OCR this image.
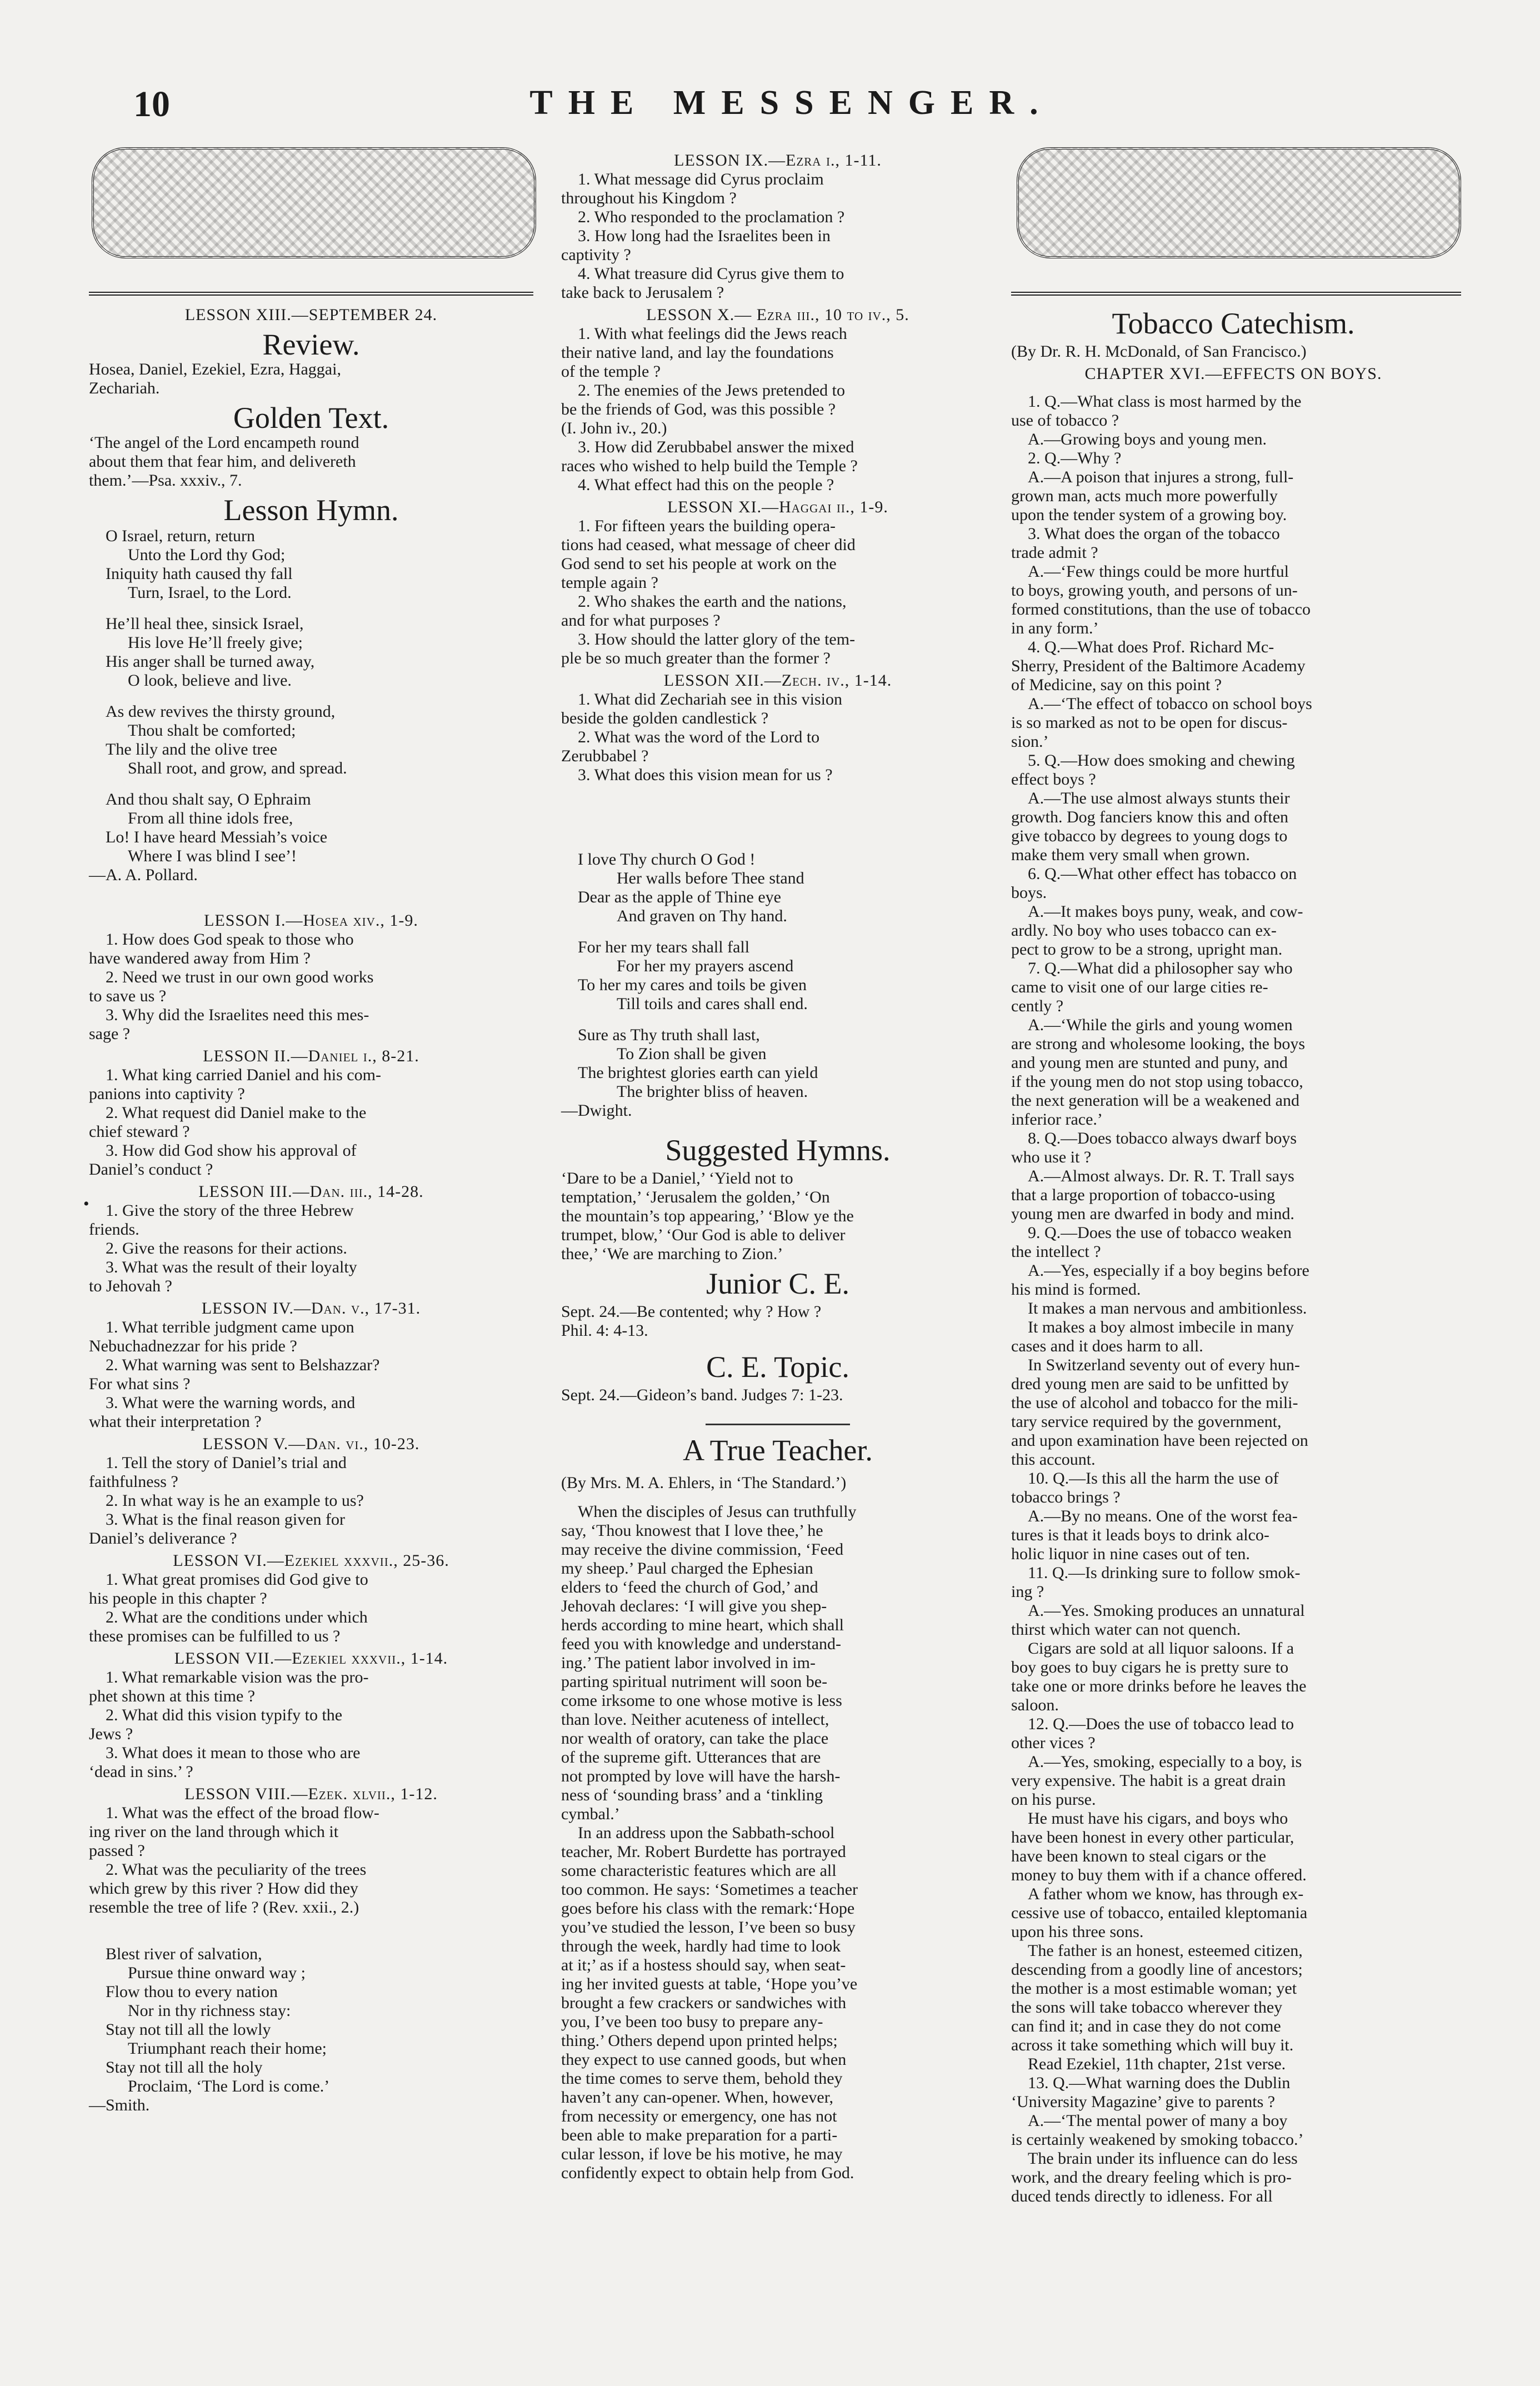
10	THE MESSENGER.

LESSON XIII.—SEPTEMBER 24.

Review.

Hosea, Daniel, Ezekiel, Ezra, Haggai,

Zechariah.

Golden Text.

‘The angel of the Lord encampeth round

about them that fear him, and delivereth

them.’—Psa. xxxiv., 7.

Lesson Hymn.

O Israel, return, return

Unto the Lord thy God;

Iniquity hath caused thy fall

Turn, Israel, to the Lord.

He’ll heal thee, sinsick Israel,

His love He’ll freely give;

His anger shall be turned away,

O look, believe and live.

As dew revives the thirsty ground,

Thou shalt be comforted;

The lily and the olive tree

Shall root, and grow, and spread.

And thou shalt say, O Ephraim

From all thine idols free,

Lo! I have heard Messiah’s voice

Where I was blind I see’!

—A. A. Pollard.

LESSON I.—Hosea xiv., 1-9.

1. How does God speak to those who

have wandered away from Him ?

2. Need we trust in our own good works

to save us ?

3. Why did the Israelites need this mes-

sage ?

LESSON II.—Daniel i., 8-21.

1. What king carried Daniel and his com-

panions into captivity ?

2. What request did Daniel make to the

chief steward ?

3. How did God show his approval of

Daniel’s conduct ?

LESSON III.—Dan. iii., 14-28.

1. Give the story of the three Hebrew

friends.

2. Give the reasons for their actions.

3. What was the result of their loyalty

to Jehovah ?

LESSON IV.—Dan. v., 17-31.

1. What terrible judgment came upon

Nebuchadnezzar for his pride ?

2. What warning was sent to Belshazzar?

For what sins ?

3. What were the warning words, and

what their interpretation ?

LESSON V.—Dan. vi., 10-23.

1. Tell the story of Daniel’s trial and

faithfulness ?

2. In what way is he an example to us?

3. What is the final reason given for

Daniel’s deliverance ?

LESSON VI.—Ezekiel xxxvii., 25-36.

1. What great promises did God give to

his people in this chapter ?

2. What are the conditions under which

these promises can be fulfilled to us ?

LESSON VII.—Ezekiel xxxvii., 1-14.

1. What remarkable vision was the pro-

phet shown at this time ?

2. What did this vision typify to the

Jews ?

3. What does it mean to those who are

‘dead in sins.’ ?

LESSON VIII.—Ezek. xlvii., 1-12.

1. What was the effect of the broad flow-

ing river on the land through which it

passed ?

2. What was the peculiarity of the trees

which grew by this river ? How did they

resemble the tree of life ? (Rev. xxii., 2.)

Blest river of salvation,

Pursue thine onward way ;

Flow thou to every nation

Nor in thy richness stay:

Stay not till all the lowly

Triumphant reach their home;

Stay not till all the holy

Proclaim, ‘The Lord is come.’

—Smith.

•

LESSON IX.—Ezra i., 1-11.

1. What message did Cyrus proclaim

throughout his Kingdom ?

2. Who responded to the proclamation ?

3. How long had the Israelites been in

captivity ?

4. What treasure did Cyrus give them to

take back to Jerusalem ?

LESSON X.— Ezra iii., 10 to iv., 5.

1. With what feelings did the Jews reach

their native land, and lay the foundations

of the temple ?

2. The enemies of the Jews pretended to

be the friends of God, was this possible ?

(I. John iv., 20.)

3. How did Zerubbabel answer the mixed

races who wished to help build the Temple ?

4. What effect had this on the people ?

LESSON XI.—Haggai ii., 1-9.

1. For fifteen years the building opera-

tions had ceased, what message of cheer did

God send to set his people at work on the

temple again ?

2. Who shakes the earth and the nations,

and for what purposes ?

3. How should the latter glory of the tem-

ple be so much greater than the former ?

LESSON XII.—Zech. iv., 1-14.

1. What did Zechariah see in this vision

beside the golden candlestick ?

2. What was the word of the Lord to

Zerubbabel ?

3. What does this vision mean for us ?

I love Thy church O God !

Her walls before Thee stand

Dear as the apple of Thine eye

And graven on Thy hand.

For her my tears shall fall

For her my prayers ascend

To her my cares and toils be given

Till toils and cares shall end.

Sure as Thy truth shall last,

To Zion shall be given

The brightest glories earth can yield

The brighter bliss of heaven.

—Dwight.

Suggested Hymns.

‘Dare to be a Daniel,’ ‘Yield not to

temptation,’ ‘Jerusalem the golden,’ ‘On

the mountain’s top appearing,’ ‘Blow ye the

trumpet, blow,’ ‘Our God is able to deliver

thee,’ ‘We are marching to Zion.’

Junior C. E.

Sept. 24.—Be contented; why ? How ?

Phil. 4: 4-13.

C. E. Topic.

Sept. 24.—Gideon’s band. Judges 7: 1-23.

A True Teacher.

(By Mrs. M. A. Ehlers, in ‘The Standard.’)

When the disciples of Jesus can truthfully

say, ‘Thou knowest that I love thee,’ he

may receive the divine commission, ‘Feed

my sheep.’ Paul charged the Ephesian

elders to ‘feed the church of God,’ and

Jehovah declares: ‘I will give you shep-

herds according to mine heart, which shall

feed you with knowledge and understand-

ing.’ The patient labor involved in im-

parting spiritual nutriment will soon be-

come irksome to one whose motive is less

than love. Neither acuteness of intellect,

nor wealth of oratory, can take the place

of the supreme gift. Utterances that are

not prompted by love will have the harsh-

ness of ‘sounding brass’ and a ‘tinkling

cymbal.’

In an address upon the Sabbath-school

teacher, Mr. Robert Burdette has portrayed

some characteristic features which are all

too common. He says: ‘Sometimes a teacher

goes before his class with the remark:‘Hope

you’ve studied the lesson, I’ve been so busy

through the week, hardly had time to look

at it;’ as if a hostess should say, when seat-

ing her invited guests at table, ‘Hope you’ve

brought a few crackers or sandwiches with

you, I’ve been too busy to prepare any-

thing.’ Others depend upon printed helps;

they expect to use canned goods, but when

the time comes to serve them, behold they

haven’t any can-opener. When, however,

from necessity or emergency, one has not

been able to make preparation for a parti-

cular lesson, if love be his motive, he may

confidently expect to obtain help from God.

Tobacco Catechism.

(By Dr. R. H. McDonald, of San Francisco.)

CHAPTER XVI.—EFFECTS ON BOYS.

1. Q.—What class is most harmed by the

use of tobacco ?

A.—Growing boys and young men.

2. Q.—Why ?

A.—A poison that injures a strong, full-

grown man, acts much more powerfully

upon the tender system of a growing boy.

3. What does the organ of the tobacco

trade admit ?

A.—‘Few things could be more hurtful

to boys, growing youth, and persons of un-

formed constitutions, than the use of tobacco

in any form.’

4. Q.—What does Prof. Richard Mc-

Sherry, President of the Baltimore Academy

of Medicine, say on this point ?

A.—‘The effect of tobacco on school boys

is so marked as not to be open for discus-

sion.’

5. Q.—How does smoking and chewing

effect boys ?

A.—The use almost always stunts their

growth. Dog fanciers know this and often

give tobacco by degrees to young dogs to

make them very small when grown.

6. Q.—What other effect has tobacco on

boys.

A.—It makes boys puny, weak, and cow-

ardly. No boy who uses tobacco can ex-

pect to grow to be a strong, upright man.

7. Q.—What did a philosopher say who

came to visit one of our large cities re-

cently ?

A.—‘While the girls and young women

are strong and wholesome looking, the boys

and young men are stunted and puny, and

if the young men do not stop using tobacco,

the next generation will be a weakened and

inferior race.’

8. Q.—Does tobacco always dwarf boys

who use it ?

A.—Almost always. Dr. R. T. Trall says

that a large proportion of tobacco-using

young men are dwarfed in body and mind.

9. Q.—Does the use of tobacco weaken

the intellect ?

A.—Yes, especially if a boy begins before

his mind is formed.

It makes a man nervous and ambitionless.

It makes a boy almost imbecile in many

cases and it does harm to all.

In Switzerland seventy out of every hun-

dred young men are said to be unfitted by

the use of alcohol and tobacco for the mili-

tary service required by the government,

and upon examination have been rejected on

this account.

10. Q.—Is this all the harm the use of

tobacco brings ?

A.—By no means. One of the worst fea-

tures is that it leads boys to drink alco-

holic liquor in nine cases out of ten.

11. Q.—Is drinking sure to follow smok-

ing ?

A.—Yes. Smoking produces an unnatural

thirst which water can not quench.

Cigars are sold at all liquor saloons. If a

boy goes to buy cigars he is pretty sure to

take one or more drinks before he leaves the

saloon.

12. Q.—Does the use of tobacco lead to

other vices ?

A.—Yes, smoking, especially to a boy, is

very expensive. The habit is a great drain

on his purse.

He must have his cigars, and boys who

have been honest in every other particular,

have been known to steal cigars or the

money to buy them with if a chance offered.

A father whom we know, has through ex-

cessive use of tobacco, entailed kleptomania

upon his three sons.

The father is an honest, esteemed citizen,

descending from a goodly line of ancestors;

the mother is a most estimable woman; yet

the sons will take tobacco wherever they

can find it; and in case they do not come

across it take something which will buy it.

Read Ezekiel, 11th chapter, 21st verse.

13. Q.—What warning does the Dublin

‘University Magazine’ give to parents ?

A.—‘The mental power of many a boy

is certainly weakened by smoking tobacco.’

The brain under its influence can do less

work, and the dreary feeling which is pro-

duced tends directly to idleness. For all
